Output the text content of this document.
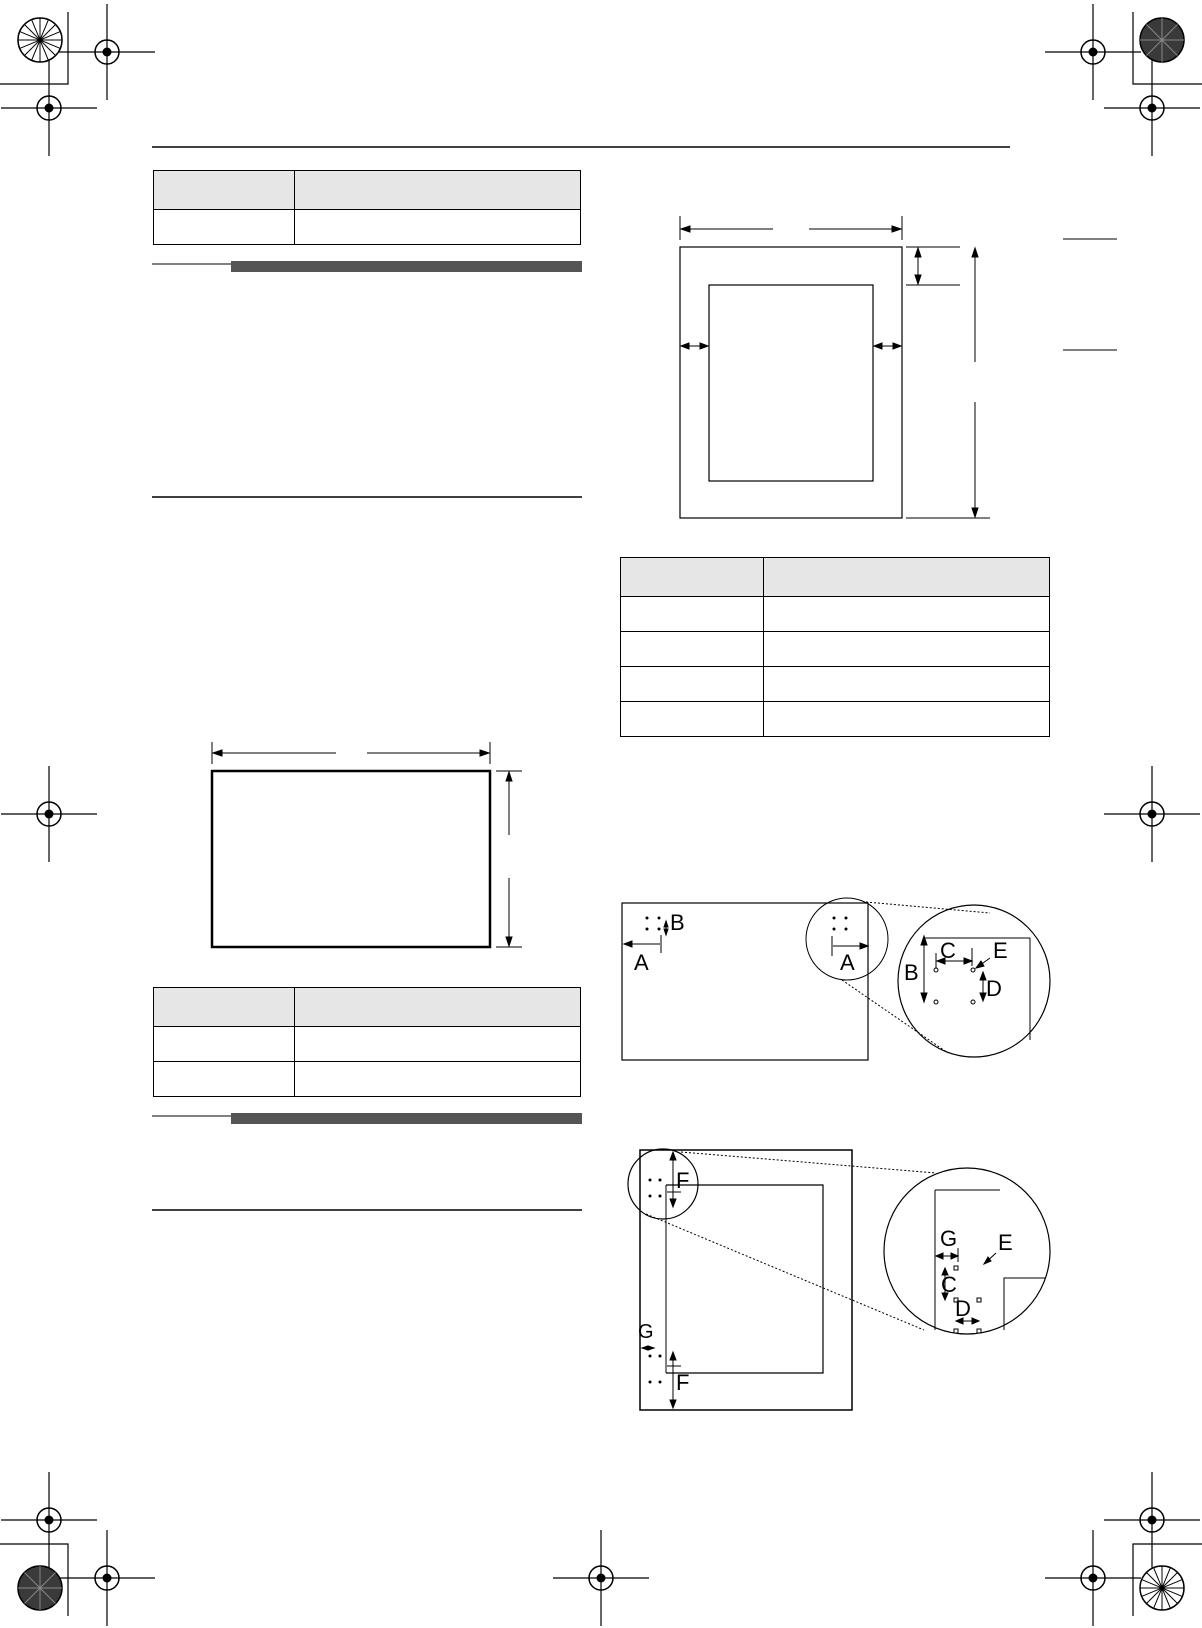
B
A	A	C E
B
D
F
G
F
G E
C
D
